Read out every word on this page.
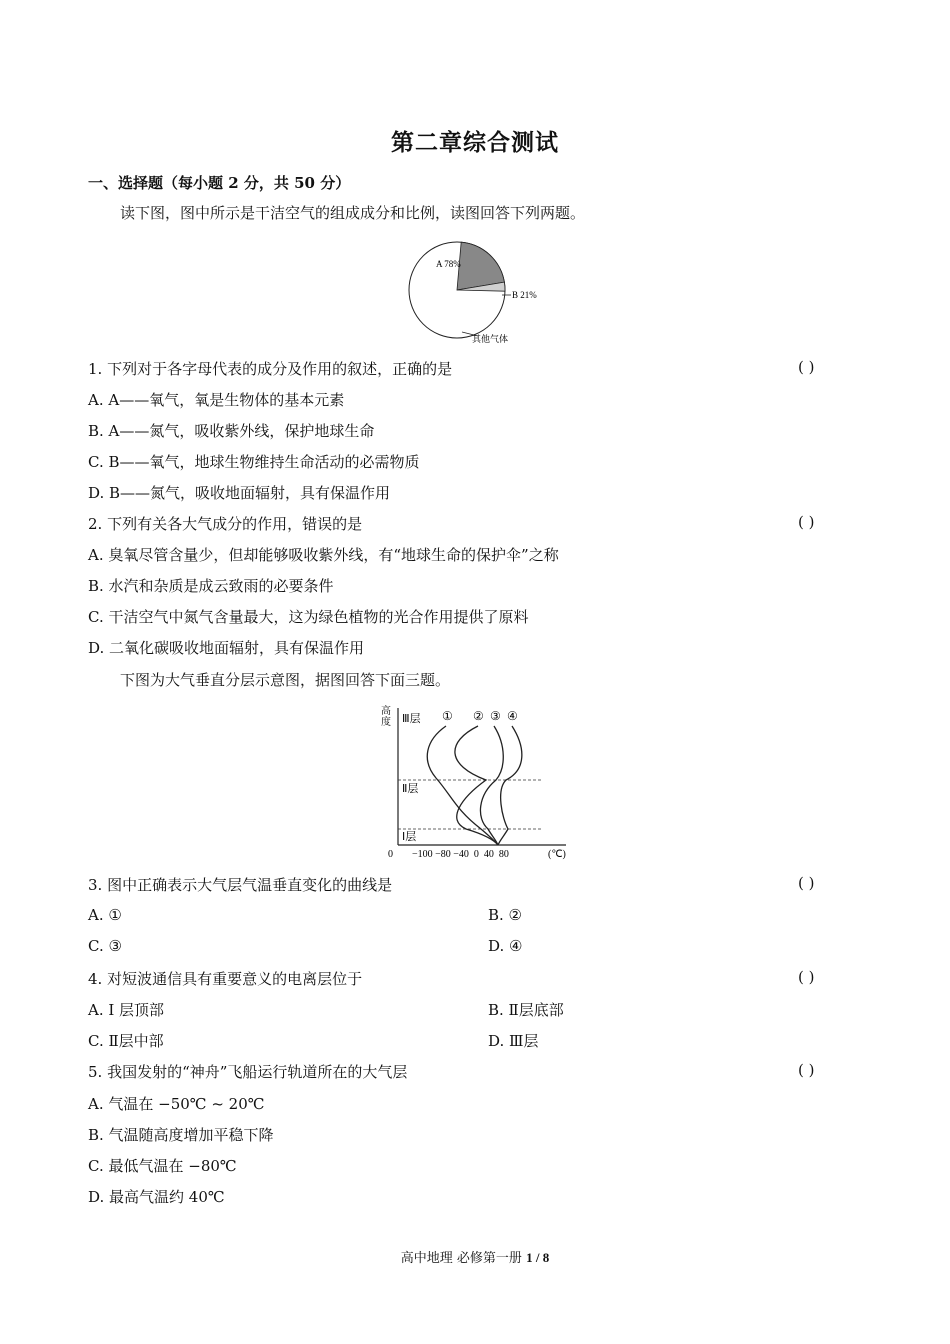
第二章综合测试
一、选择题（每小题 2 分，共 50 分）
读下图，图中所示是干洁空气的组成成分和比例，读图回答下列两题。
A 78%
B 21%
其他气体
1. 下列对于各字母代表的成分及作用的叙述，正确的是	( )
A. A——氧气，氧是生物体的基本元素
B. A——氮气，吸收紫外线，保护地球生命
C. B——氧气，地球生物维持生命活动的必需物质
D. B——氮气，吸收地面辐射，具有保温作用
2. 下列有关各大气成分的作用，错误的是	( )
A. 臭氧尽管含量少，但却能够吸收紫外线，有“地球生命的保护伞”之称
B. 水汽和杂质是成云致雨的必要条件
C. 干洁空气中氮气含量最大，这为绿色植物的光合作用提供了原料
D. 二氧化碳吸收地面辐射，具有保温作用
下图为大气垂直分层示意图，据图回答下面三题。
高度 Ⅲ层
Ⅱ层
Ⅰ层
① ② ③ ④
0 −100 −80 −40  0  40  80	(℃)
3. 图中正确表示大气层气温垂直变化的曲线是	( )
A. ①	B. ②
C. ③	D. ④
4. 对短波通信具有重要意义的电离层位于	( )
A. I 层顶部	B. Ⅱ层底部
C. Ⅱ层中部	D. Ⅲ层
5. 我国发射的“神舟”飞船运行轨道所在的大气层	( )
A. 气温在 −50℃ ~ 20℃
B. 气温随高度增加平稳下降
C. 最低气温在 −80℃
D. 最高气温约 40℃
高中地理 必修第一册 1 / 8
